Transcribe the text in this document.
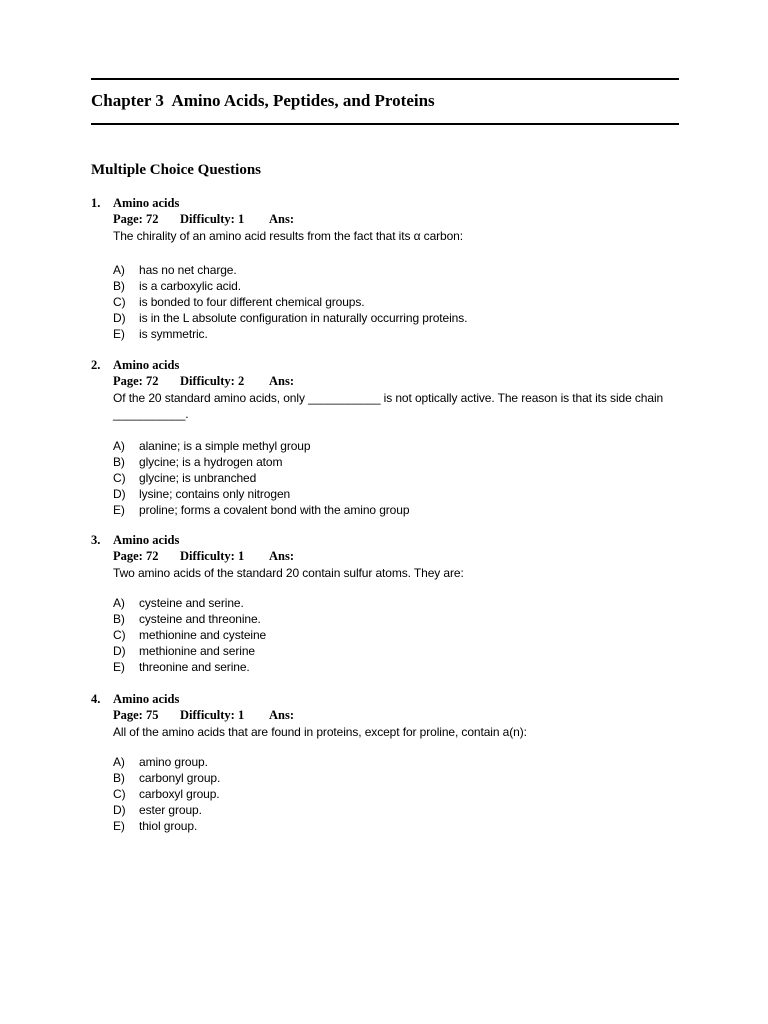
Chapter 3  Amino Acids, Peptides, and Proteins
Multiple Choice Questions
1. Amino acids
Page: 72 Difficulty: 1 Ans:
The chirality of an amino acid results from the fact that its α carbon:
A) has no net charge.
B) is a carboxylic acid.
C) is bonded to four different chemical groups.
D) is in the L absolute configuration in naturally occurring proteins.
E) is symmetric.
2. Amino acids
Page: 72 Difficulty: 2 Ans:
Of the 20 standard amino acids, only ___________ is not optically active. The reason is that its side chain ___________.
A) alanine; is a simple methyl group
B) glycine; is a hydrogen atom
C) glycine; is unbranched
D) lysine; contains only nitrogen
E) proline; forms a covalent bond with the amino group
3. Amino acids
Page: 72 Difficulty: 1 Ans:
Two amino acids of the standard 20 contain sulfur atoms. They are:
A) cysteine and serine.
B) cysteine and threonine.
C) methionine and cysteine
D) methionine and serine
E) threonine and serine.
4. Amino acids
Page: 75 Difficulty: 1 Ans:
All of the amino acids that are found in proteins, except for proline, contain a(n):
A) amino group.
B) carbonyl group.
C) carboxyl group.
D) ester group.
E) thiol group.
